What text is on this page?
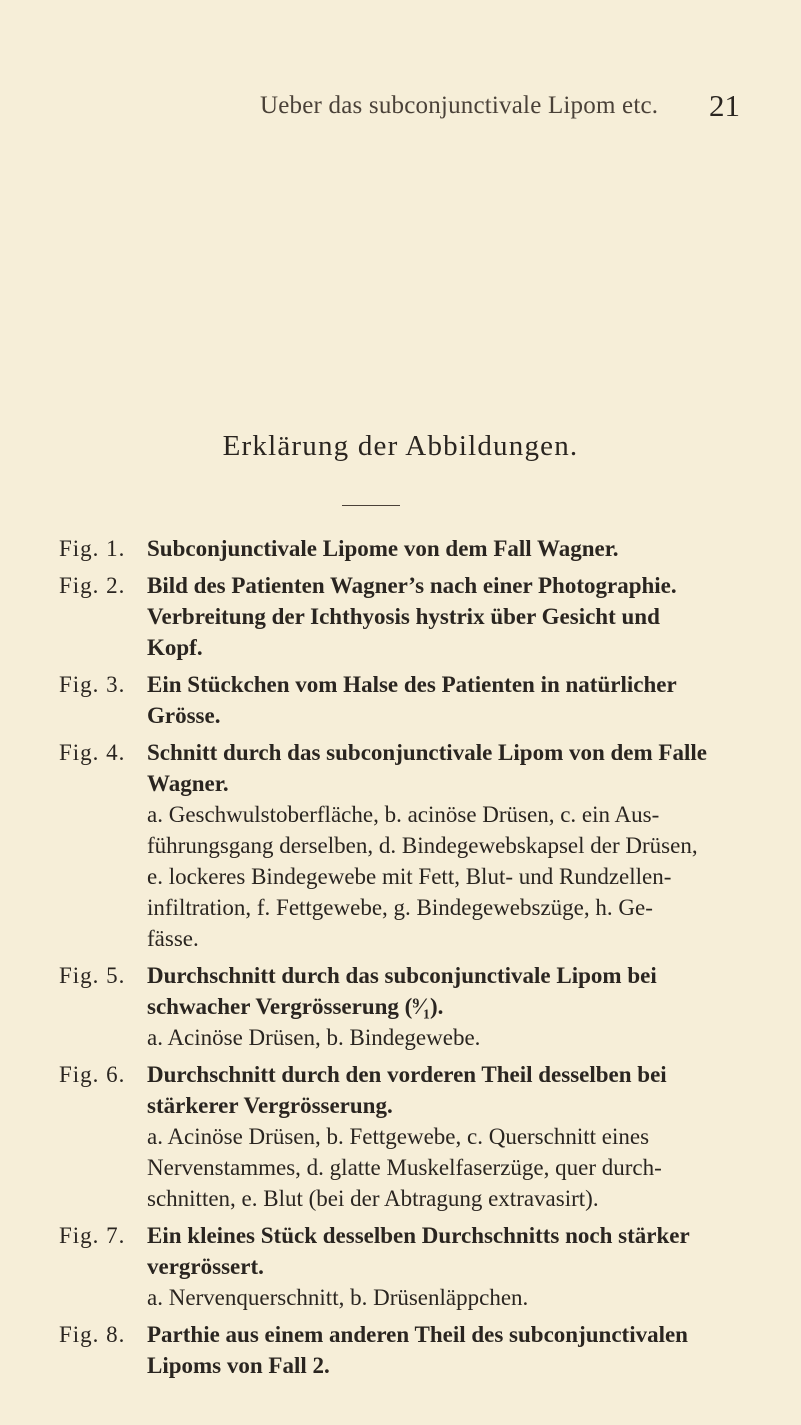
Ueber das subconjunctivale Lipom etc. 21
Erklärung der Abbildungen.
Fig. 1. Subconjunctivale Lipome von dem Fall Wagner.
Fig. 2. Bild des Patienten Wagner’s nach einer Photographie.
Verbreitung der Ichthyosis hystrix über Gesicht und
Kopf.
Fig. 3. Ein Stückchen vom Halse des Patienten in natürlicher
Grösse.
Fig. 4. Schnitt durch das subconjunctivale Lipom von dem Falle
Wagner.
a. Geschwulstoberfläche, b. acinöse Drüsen, c. ein Aus-
führungsgang derselben, d. Bindegewebskapsel der Drüsen,
e. lockeres Bindegewebe mit Fett, Blut- und Rundzellen-
infiltration, f. Fettgewebe, g. Bindegewebszüge, h. Ge-
fässe.
Fig. 5. Durchschnitt durch das subconjunctivale Lipom bei
schwacher Vergrösserung (⁹⁄₁).
a. Acinöse Drüsen, b. Bindegewebe.
Fig. 6. Durchschnitt durch den vorderen Theil desselben bei
stärkerer Vergrösserung.
a. Acinöse Drüsen, b. Fettgewebe, c. Querschnitt eines
Nervenstammes, d. glatte Muskelfaserzüge, quer durch-
schnitten, e. Blut (bei der Abtragung extravasirt).
Fig. 7. Ein kleines Stück desselben Durchschnitts noch stärker
vergrössert.
a. Nervenquerschnitt, b. Drüsenläppchen.
Fig. 8. Parthie aus einem anderen Theil des subconjunctivalen
Lipoms von Fall 2.
